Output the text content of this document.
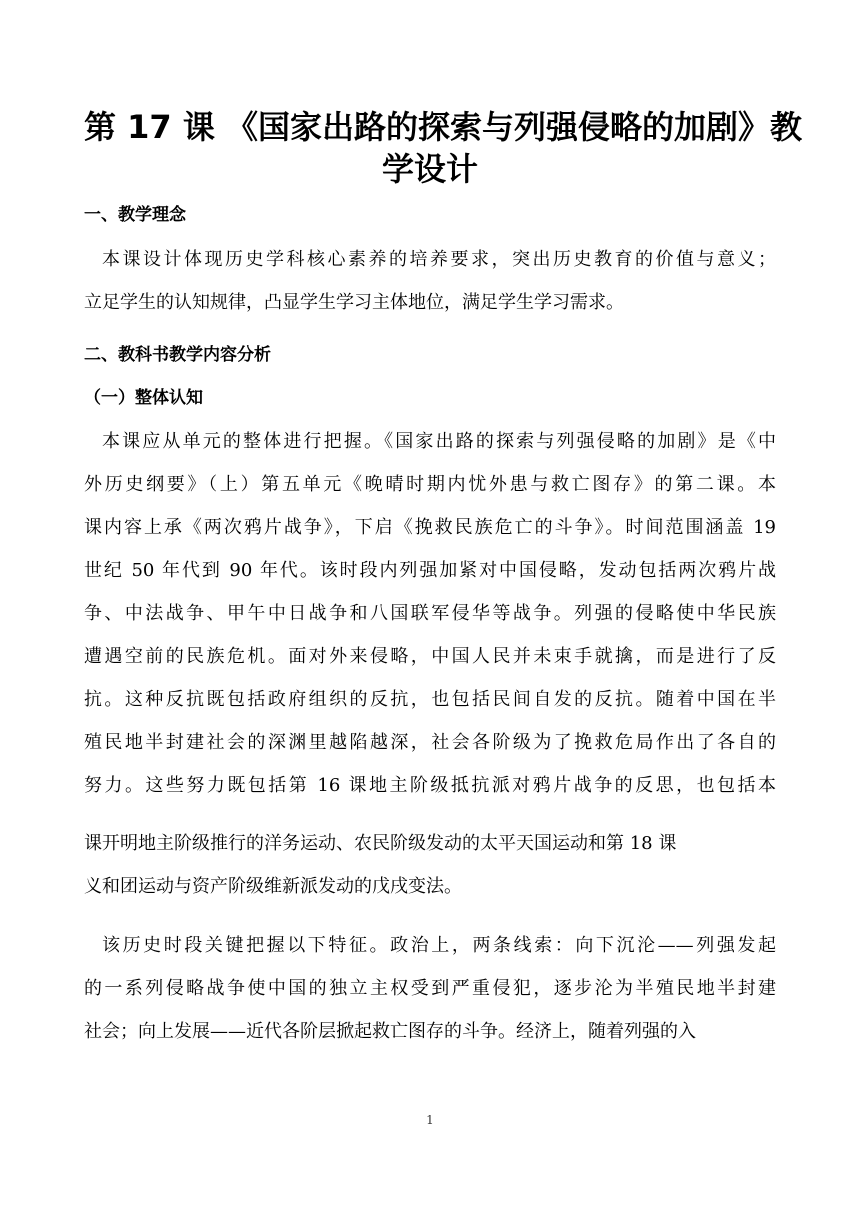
第 17 课 《国家出路的探索与列强侵略的加剧》教
学设计
一、教学理念

本课设计体现历史学科核心素养的培养要求，突出历史教育的价值与意义；

立足学生的认知规律，凸显学生学习主体地位，满足学生学习需求。

二、教科书教学内容分析
（一）整体认知

本课应从单元的整体进行把握。《国家出路的探索与列强侵略的加剧》是《中

外历史纲要》（上）第五单元《晚晴时期内忧外患与救亡图存》的第二课。本

课内容上承《两次鸦片战争》，下启《挽救民族危亡的斗争》。时间范围涵盖 19

世纪 50 年代到 90 年代。该时段内列强加紧对中国侵略，发动包括两次鸦片战

争、中法战争、甲午中日战争和八国联军侵华等战争。列强的侵略使中华民族

遭遇空前的民族危机。面对外来侵略，中国人民并未束手就擒，而是进行了反

抗。这种反抗既包括政府组织的反抗，也包括民间自发的反抗。随着中国在半

殖民地半封建社会的深渊里越陷越深，社会各阶级为了挽救危局作出了各自的

努力。这些努力既包括第 16 课地主阶级抵抗派对鸦片战争的反思，也包括本

课开明地主阶级推行的洋务运动、农民阶级发动的太平天国运动和第 18 课

义和团运动与资产阶级维新派发动的戊戌变法。

该历史时段关键把握以下特征。政治上，两条线索：向下沉沦——列强发起

的一系列侵略战争使中国的独立主权受到严重侵犯，逐步沦为半殖民地半封建

社会；向上发展——近代各阶层掀起救亡图存的斗争。经济上，随着列强的入

1
